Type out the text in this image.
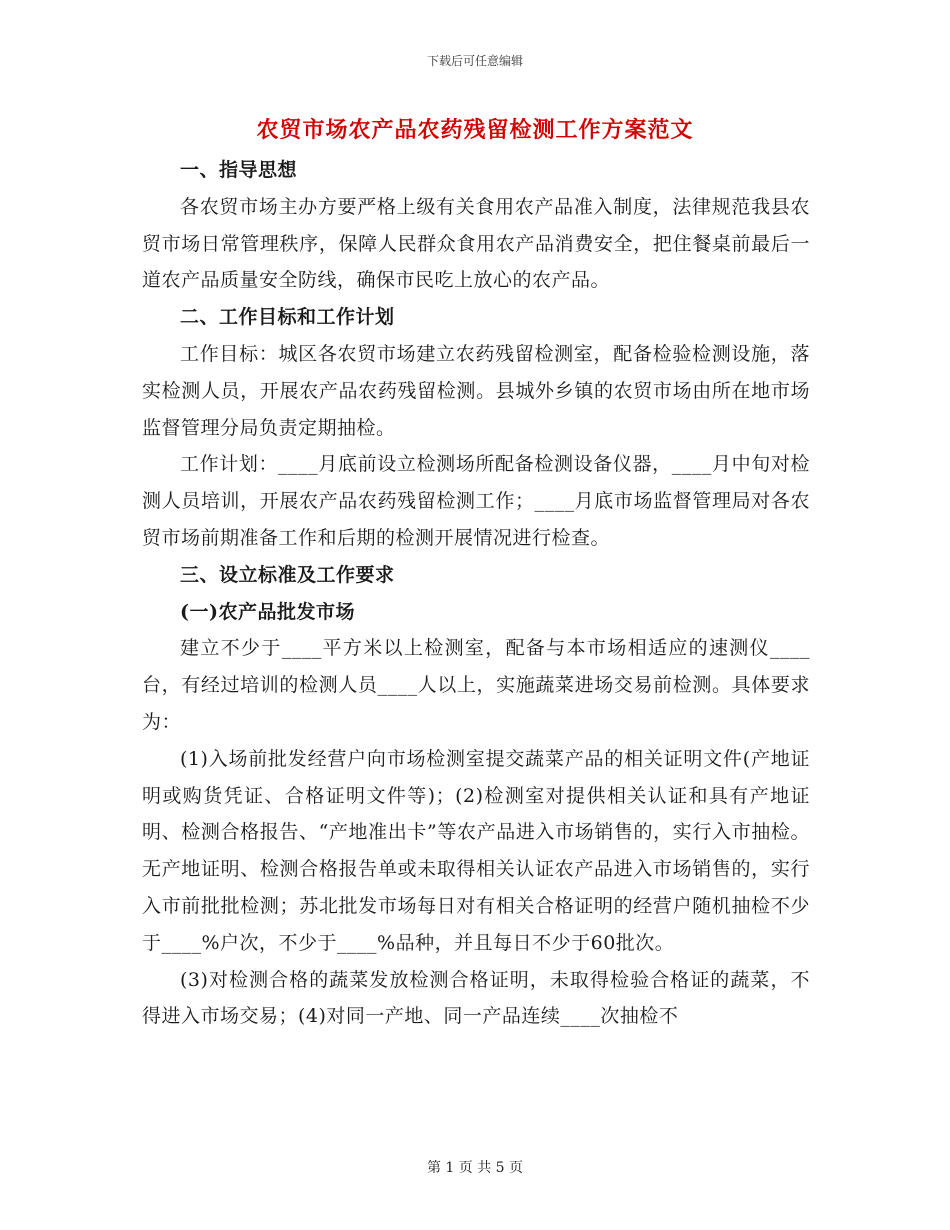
下载后可任意编辑
农贸市场农产品农药残留检测工作方案范文
一、指导思想

各农贸市场主办方要严格上级有关食用农产品准入制度，法律规范我县农贸市场日常管理秩序，保障人民群众食用农产品消费安全，把住餐桌前最后一道农产品质量安全防线，确保市民吃上放心的农产品。

二、工作目标和工作计划

工作目标：城区各农贸市场建立农药残留检测室，配备检验检测设施，落实检测人员，开展农产品农药残留检测。县城外乡镇的农贸市场由所在地市场监督管理分局负责定期抽检。

工作计划：____月底前设立检测场所配备检测设备仪器，____月中旬对检测人员培训，开展农产品农药残留检测工作；____月底市场监督管理局对各农贸市场前期准备工作和后期的检测开展情况进行检查。

三、设立标准及工作要求
(一)农产品批发市场

建立不少于____平方米以上检测室，配备与本市场相适应的速测仪____台，有经过培训的检测人员____人以上，实施蔬菜进场交易前检测。具体要求为：

(1)入场前批发经营户向市场检测室提交蔬菜产品的相关证明文件(产地证明或购货凭证、合格证明文件等)；(2)检测室对提供相关认证和具有产地证明、检测合格报告、“产地准出卡”等农产品进入市场销售的，实行入市抽检。无产地证明、检测合格报告单或未取得相关认证农产品进入市场销售的，实行入市前批批检测；苏北批发市场每日对有相关合格证明的经营户随机抽检不少于____%户次，不少于____%品种，并且每日不少于60批次。

(3)对检测合格的蔬菜发放检测合格证明，未取得检验合格证的蔬菜，不得进入市场交易；(4)对同一产地、同一产品连续____次抽检不

第 1 页 共 5 页
